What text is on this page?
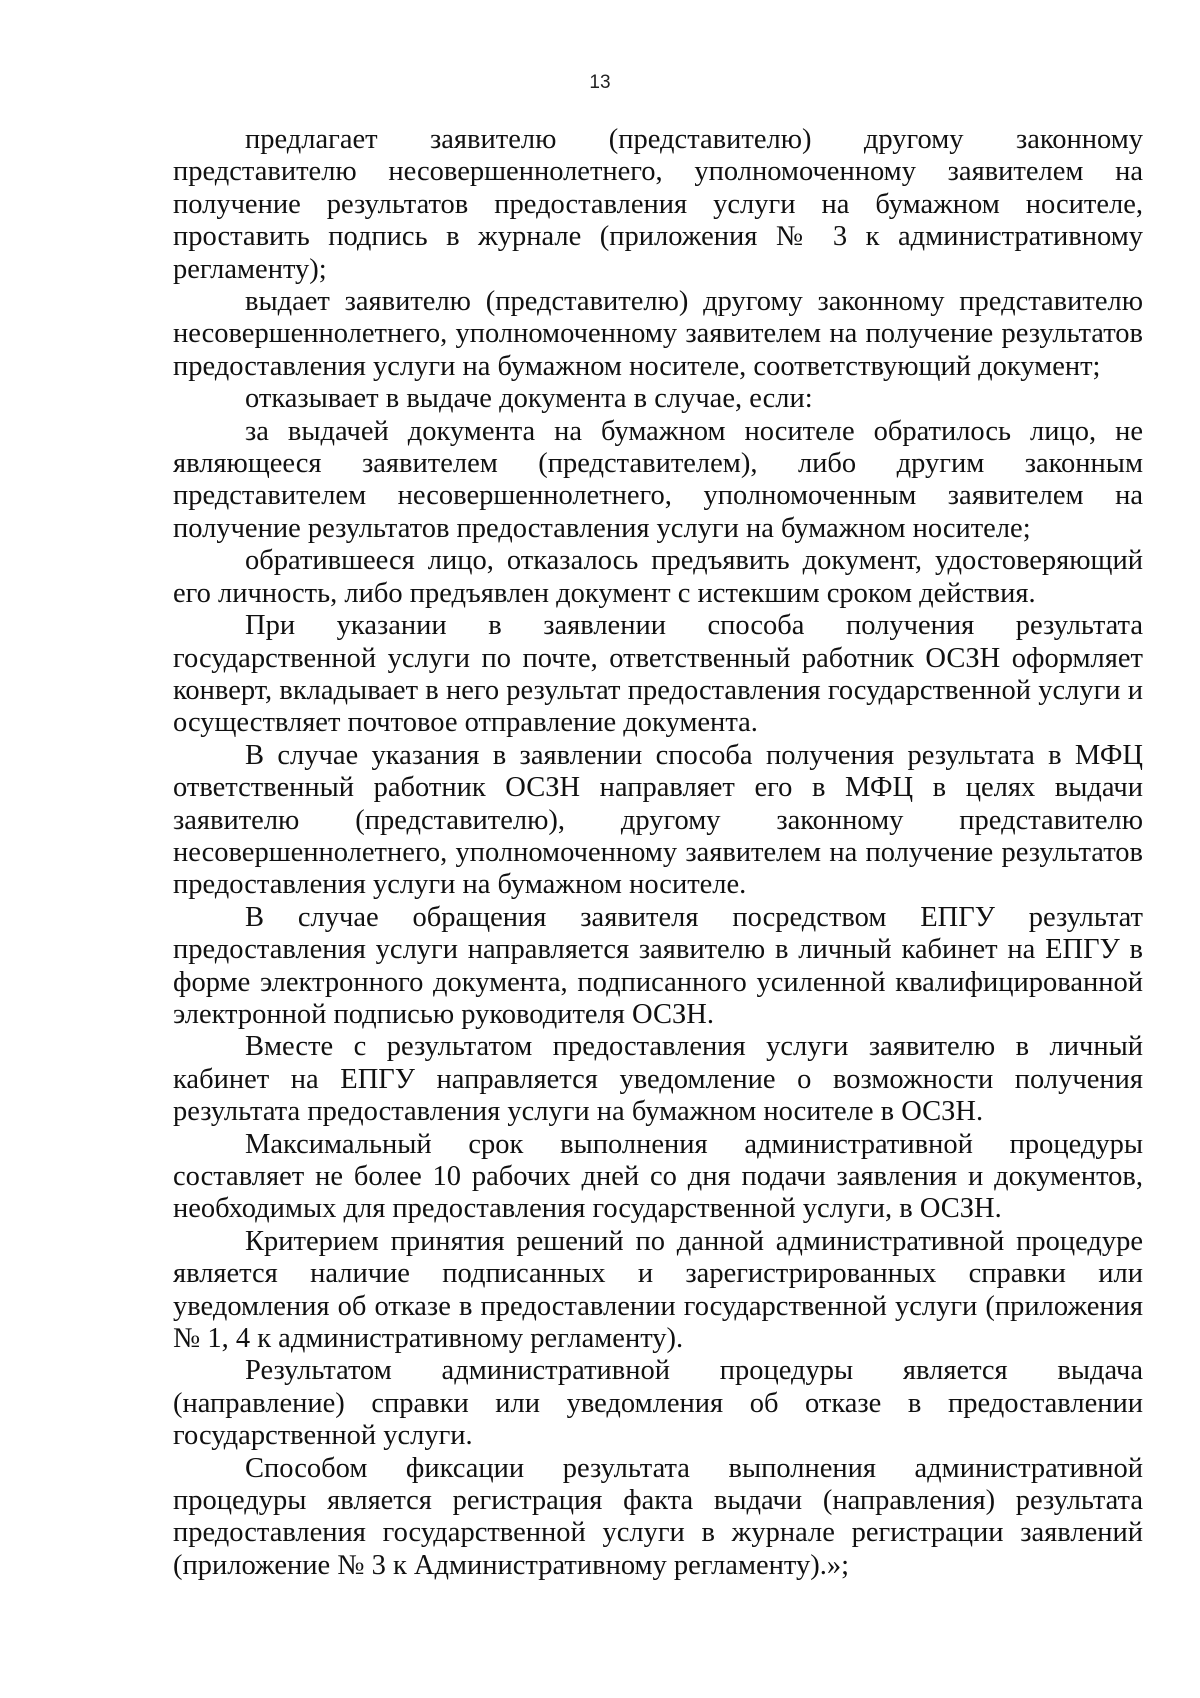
13

предлагает заявителю (представителю) другому законному представителю несовершеннолетнего, уполномоченному заявителем на получение результатов предоставления услуги на бумажном носителе, проставить подпись в журнале (приложения № 3 к административному регламенту);

выдает заявителю (представителю) другому законному представителю несовершеннолетнего, уполномоченному заявителем на получение результатов предоставления услуги на бумажном носителе, соответствующий документ;

отказывает в выдаче документа в случае, если:

за выдачей документа на бумажном носителе обратилось лицо, не являющееся заявителем (представителем), либо другим законным представителем несовершеннолетнего, уполномоченным заявителем на получение результатов предоставления услуги на бумажном носителе;

обратившееся лицо, отказалось предъявить документ, удостоверяющий его личность, либо предъявлен документ с истекшим сроком действия.

При указании в заявлении способа получения результата государственной услуги по почте, ответственный работник ОСЗН оформляет конверт, вкладывает в него результат предоставления государственной услуги и осуществляет почтовое отправление документа.

В случае указания в заявлении способа получения результата в МФЦ ответственный работник ОСЗН направляет его в МФЦ в целях выдачи заявителю (представителю), другому законному представителю несовершеннолетнего, уполномоченному заявителем на получение результатов предоставления услуги на бумажном носителе.

В случае обращения заявителя посредством ЕПГУ результат предоставления услуги направляется заявителю в личный кабинет на ЕПГУ в форме электронного документа, подписанного усиленной квалифицированной электронной подписью руководителя ОСЗН.

Вместе с результатом предоставления услуги заявителю в личный кабинет на ЕПГУ направляется уведомление о возможности получения результата предоставления услуги на бумажном носителе в ОСЗН.

Максимальный срок выполнения административной процедуры составляет не более 10 рабочих дней со дня подачи заявления и документов, необходимых для предоставления государственной услуги, в ОСЗН.

Критерием принятия решений по данной административной процедуре является наличие подписанных и зарегистрированных справки или уведомления об отказе в предоставлении государственной услуги (приложения № 1, 4 к административному регламенту).

Результатом административной процедуры является выдача (направление) справки или уведомления об отказе в предоставлении государственной услуги.

Способом фиксации результата выполнения административной процедуры является регистрация факта выдачи (направления) результата предоставления государственной услуги в журнале регистрации заявлений (приложение № 3 к Административному регламенту).»;
